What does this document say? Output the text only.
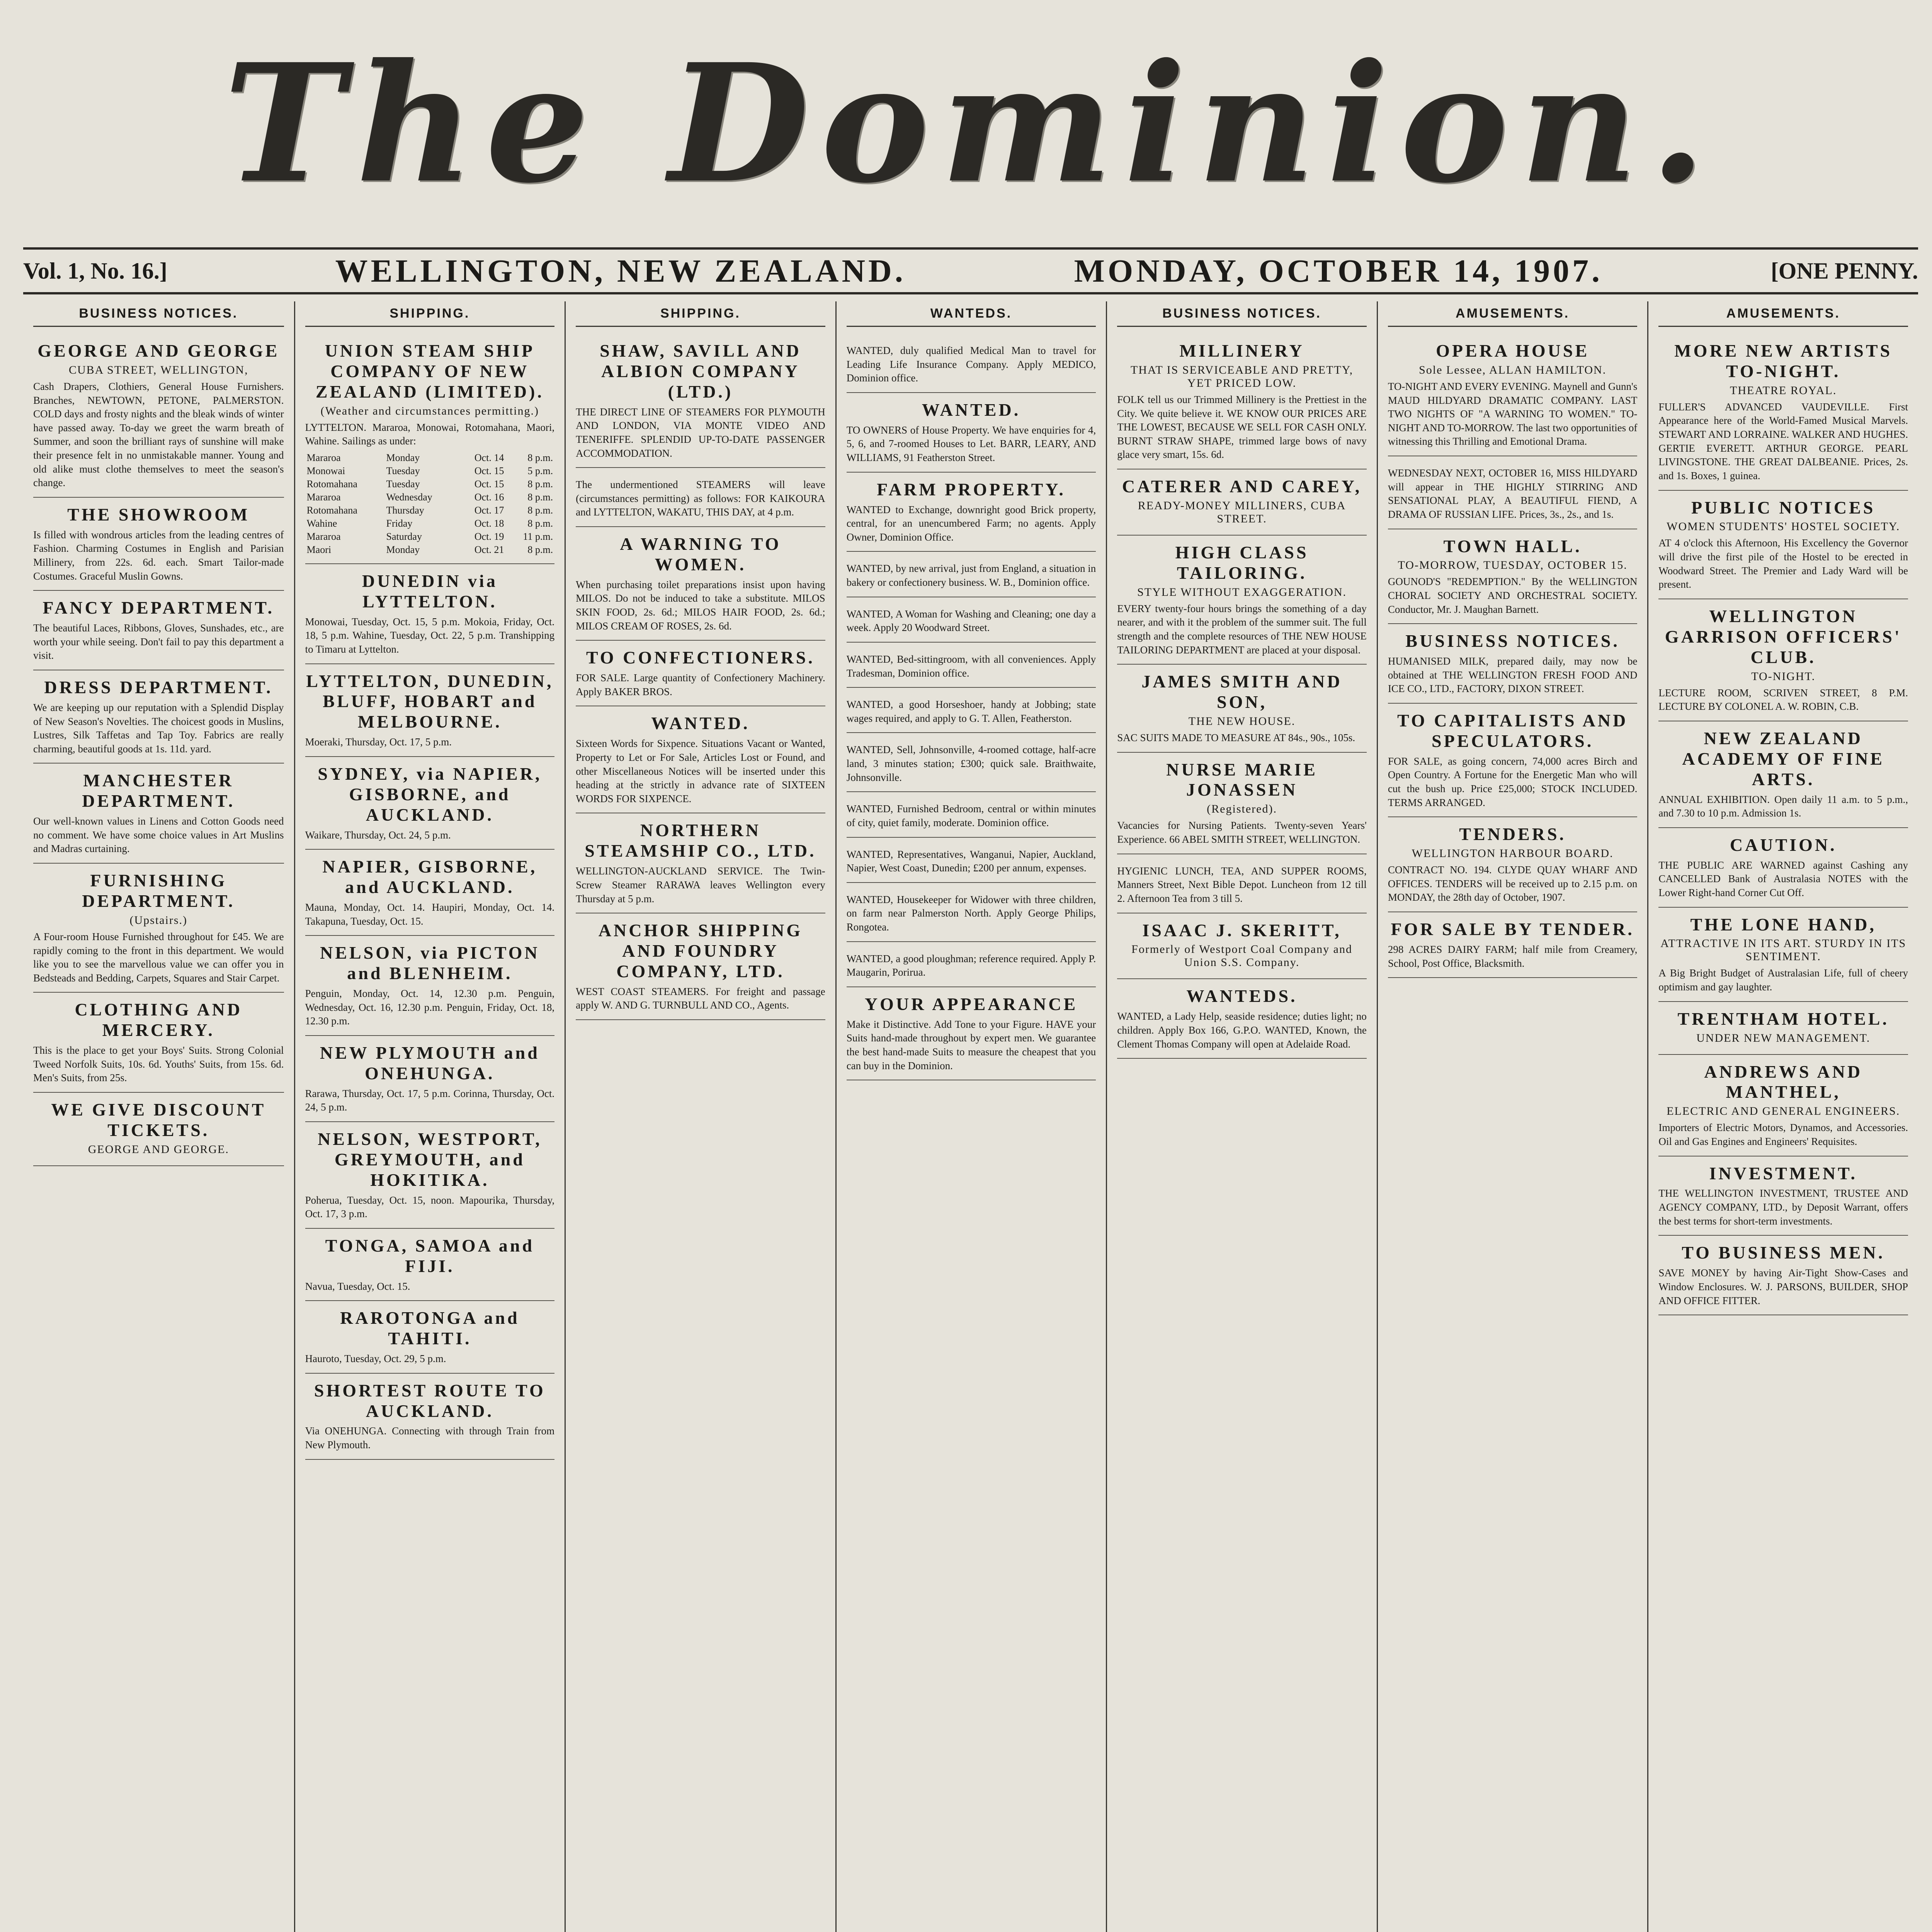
The Dominion.
Vol. 1, No. 16.]	WELLINGTON, NEW ZEALAND.	MONDAY, OCTOBER 14, 1907.	[ONE PENNY.
BUSINESS NOTICES.
GEORGE AND GEORGE
CUBA STREET, WELLINGTON,
Cash Drapers, Clothiers, General House Furnishers. Branches, NEWTOWN, PETONE, PALMERSTON. COLD days and frosty nights and the bleak winds of winter have passed away. To-day we greet the warm breath of Summer, and soon the brilliant rays of sunshine will make their presence felt in no unmistakable manner. Young and old alike must clothe themselves to meet the season's change.
THE SHOWROOM
Is filled with wondrous articles from the leading centres of Fashion. Charming Costumes in English and Parisian Millinery, from 22s. 6d. each. Smart Tailor-made Costumes. Graceful Muslin Gowns.
FANCY DEPARTMENT.
The beautiful Laces, Ribbons, Gloves, Sunshades, etc., are worth your while seeing. Don't fail to pay this department a visit.
DRESS DEPARTMENT.
We are keeping up our reputation with a Splendid Display of New Season's Novelties. The choicest goods in Muslins, Lustres, Silk Taffetas and Tap Toy. Fabrics are really charming, beautiful goods at 1s. 11d. yard.
MANCHESTER DEPARTMENT.
Our well-known values in Linens and Cotton Goods need no comment. We have some choice values in Art Muslins and Madras curtaining.
FURNISHING DEPARTMENT.
(Upstairs.)
A Four-room House Furnished throughout for £45. We are rapidly coming to the front in this department. We would like you to see the marvellous value we can offer you in Bedsteads and Bedding, Carpets, Squares and Stair Carpet.
CLOTHING AND MERCERY.
This is the place to get your Boys' Suits. Strong Colonial Tweed Norfolk Suits, 10s. 6d. Youths' Suits, from 15s. 6d. Men's Suits, from 25s.
WE GIVE DISCOUNT TICKETS.
GEORGE AND GEORGE.
SHIPPING.
UNION STEAM SHIP COMPANY OF NEW ZEALAND (LIMITED).
(Weather and circumstances permitting.)
LYTTELTON. Mararoa, Monowai, Rotomahana, Maori, Wahine. Sailings as under:
Mararoa	Monday	Oct. 14	8 p.m.
Monowai	Tuesday	Oct. 15	5 p.m.
Rotomahana	Tuesday	Oct. 15	8 p.m.
Mararoa	Wednesday	Oct. 16	8 p.m.
Rotomahana	Thursday	Oct. 17	8 p.m.
Wahine	Friday	Oct. 18	8 p.m.
Mararoa	Saturday	Oct. 19	11 p.m.
Maori	Monday	Oct. 21	8 p.m.
DUNEDIN via LYTTELTON.
Monowai, Tuesday, Oct. 15, 5 p.m. Mokoia, Friday, Oct. 18, 5 p.m. Wahine, Tuesday, Oct. 22, 5 p.m. Transhipping to Timaru at Lyttelton.
LYTTELTON, DUNEDIN, BLUFF, HOBART and MELBOURNE.
Moeraki, Thursday, Oct. 17, 5 p.m.
SYDNEY, via NAPIER, GISBORNE, and AUCKLAND.
Waikare, Thursday, Oct. 24, 5 p.m.
NAPIER, GISBORNE, and AUCKLAND.
Mauna, Monday, Oct. 14. Haupiri, Monday, Oct. 14. Takapuna, Tuesday, Oct. 15.
NELSON, via PICTON and BLENHEIM.
Penguin, Monday, Oct. 14, 12.30 p.m. Penguin, Wednesday, Oct. 16, 12.30 p.m. Penguin, Friday, Oct. 18, 12.30 p.m.
NEW PLYMOUTH and ONEHUNGA.
Rarawa, Thursday, Oct. 17, 5 p.m. Corinna, Thursday, Oct. 24, 5 p.m.
NELSON, WESTPORT, GREYMOUTH, and HOKITIKA.
Poherua, Tuesday, Oct. 15, noon. Mapourika, Thursday, Oct. 17, 3 p.m.
TONGA, SAMOA and FIJI.
Navua, Tuesday, Oct. 15.
RAROTONGA and TAHITI.
Hauroto, Tuesday, Oct. 29, 5 p.m.
SHORTEST ROUTE TO AUCKLAND.
Via ONEHUNGA. Connecting with through Train from New Plymouth.
SHIPPING.
SHAW, SAVILL AND ALBION COMPANY (LTD.)
THE DIRECT LINE OF STEAMERS FOR PLYMOUTH AND LONDON, VIA MONTE VIDEO AND TENERIFFE. SPLENDID UP-TO-DATE PASSENGER ACCOMMODATION.
The undermentioned STEAMERS will leave (circumstances permitting) as follows: FOR KAIKOURA and LYTTELTON, WAKATU, THIS DAY, at 4 p.m.
A WARNING TO WOMEN.
When purchasing toilet preparations insist upon having MILOS. Do not be induced to take a substitute. MILOS SKIN FOOD, 2s. 6d.; MILOS HAIR FOOD, 2s. 6d.; MILOS CREAM OF ROSES, 2s. 6d.
TO CONFECTIONERS.
FOR SALE. Large quantity of Confectionery Machinery. Apply BAKER BROS.
WANTED.
Sixteen Words for Sixpence. Situations Vacant or Wanted, Property to Let or For Sale, Articles Lost or Found, and other Miscellaneous Notices will be inserted under this heading at the strictly in advance rate of SIXTEEN WORDS FOR SIXPENCE.
NORTHERN STEAMSHIP CO., LTD.
WELLINGTON-AUCKLAND SERVICE. The Twin-Screw Steamer RARAWA leaves Wellington every Thursday at 5 p.m.
ANCHOR SHIPPING AND FOUNDRY COMPANY, LTD.
WEST COAST STEAMERS. For freight and passage apply W. AND G. TURNBULL AND CO., Agents.
WANTEDS.
WANTED, duly qualified Medical Man to travel for Leading Life Insurance Company. Apply MEDICO, Dominion office.
WANTED.
TO OWNERS of House Property. We have enquiries for 4, 5, 6, and 7-roomed Houses to Let. BARR, LEARY, AND WILLIAMS, 91 Featherston Street.
FARM PROPERTY.
WANTED to Exchange, downright good Brick property, central, for an unencumbered Farm; no agents. Apply Owner, Dominion Office.
WANTED, by new arrival, just from England, a situation in bakery or confectionery business. W. B., Dominion office.
WANTED, A Woman for Washing and Cleaning; one day a week. Apply 20 Woodward Street.
WANTED, Bed-sittingroom, with all conveniences. Apply Tradesman, Dominion office.
WANTED, a good Horseshoer, handy at Jobbing; state wages required, and apply to G. T. Allen, Featherston.
WANTED, Sell, Johnsonville, 4-roomed cottage, half-acre land, 3 minutes station; £300; quick sale. Braithwaite, Johnsonville.
WANTED, Furnished Bedroom, central or within minutes of city, quiet family, moderate. Dominion office.
WANTED, Representatives, Wanganui, Napier, Auckland, Napier, West Coast, Dunedin; £200 per annum, expenses.
WANTED, Housekeeper for Widower with three children, on farm near Palmerston North. Apply George Philips, Rongotea.
WANTED, a good ploughman; reference required. Apply P. Maugarin, Porirua.
YOUR APPEARANCE
Make it Distinctive. Add Tone to your Figure. HAVE your Suits hand-made throughout by expert men. We guarantee the best hand-made Suits to measure the cheapest that you can buy in the Dominion.
BUSINESS NOTICES.
MILLINERY
THAT IS SERVICEABLE AND PRETTY, YET PRICED LOW.
FOLK tell us our Trimmed Millinery is the Prettiest in the City. We quite believe it. WE KNOW OUR PRICES ARE THE LOWEST, BECAUSE WE SELL FOR CASH ONLY. BURNT STRAW SHAPE, trimmed large bows of navy glace very smart, 15s. 6d.
CATERER AND CAREY,
READY-MONEY MILLINERS, CUBA STREET.
HIGH CLASS TAILORING.
STYLE WITHOUT EXAGGERATION.
EVERY twenty-four hours brings the something of a day nearer, and with it the problem of the summer suit. The full strength and the complete resources of THE NEW HOUSE TAILORING DEPARTMENT are placed at your disposal.
JAMES SMITH AND SON,
THE NEW HOUSE.
SAC SUITS MADE TO MEASURE AT 84s., 90s., 105s.
NURSE MARIE JONASSEN
(Registered).
Vacancies for Nursing Patients. Twenty-seven Years' Experience. 66 ABEL SMITH STREET, WELLINGTON.
HYGIENIC LUNCH, TEA, AND SUPPER ROOMS, Manners Street, Next Bible Depot. Luncheon from 12 till 2. Afternoon Tea from 3 till 5.
ISAAC J. SKERITT,
Formerly of Westport Coal Company and Union S.S. Company.
WANTEDS.
WANTED, a Lady Help, seaside residence; duties light; no children. Apply Box 166, G.P.O. WANTED, Known, the Clement Thomas Company will open at Adelaide Road.
AMUSEMENTS.
OPERA HOUSE
Sole Lessee, ALLAN HAMILTON.
TO-NIGHT AND EVERY EVENING. Maynell and Gunn's MAUD HILDYARD DRAMATIC COMPANY. LAST TWO NIGHTS OF "A WARNING TO WOMEN." TO-NIGHT AND TO-MORROW. The last two opportunities of witnessing this Thrilling and Emotional Drama.
WEDNESDAY NEXT, OCTOBER 16, MISS HILDYARD will appear in THE HIGHLY STIRRING AND SENSATIONAL PLAY, A BEAUTIFUL FIEND, A DRAMA OF RUSSIAN LIFE. Prices, 3s., 2s., and 1s.
TOWN HALL.
TO-MORROW, TUESDAY, OCTOBER 15.
GOUNOD'S "REDEMPTION." By the WELLINGTON CHORAL SOCIETY AND ORCHESTRAL SOCIETY. Conductor, Mr. J. Maughan Barnett.
BUSINESS NOTICES.
HUMANISED MILK, prepared daily, may now be obtained at THE WELLINGTON FRESH FOOD AND ICE CO., LTD., FACTORY, DIXON STREET.
TO CAPITALISTS AND SPECULATORS.
FOR SALE, as going concern, 74,000 acres Birch and Open Country. A Fortune for the Energetic Man who will cut the bush up. Price £25,000; STOCK INCLUDED. TERMS ARRANGED.
TENDERS.
WELLINGTON HARBOUR BOARD.
CONTRACT NO. 194. CLYDE QUAY WHARF AND OFFICES. TENDERS will be received up to 2.15 p.m. on MONDAY, the 28th day of October, 1907.
FOR SALE BY TENDER.
298 ACRES DAIRY FARM; half mile from Creamery, School, Post Office, Blacksmith.
AMUSEMENTS.
MORE NEW ARTISTS TO-NIGHT.
THEATRE ROYAL.
FULLER'S ADVANCED VAUDEVILLE. First Appearance here of the World-Famed Musical Marvels. STEWART AND LORRAINE. WALKER AND HUGHES. GERTIE EVERETT. ARTHUR GEORGE. PEARL LIVINGSTONE. THE GREAT DALBEANIE. Prices, 2s. and 1s. Boxes, 1 guinea.
PUBLIC NOTICES
WOMEN STUDENTS' HOSTEL SOCIETY.
AT 4 o'clock this Afternoon, His Excellency the Governor will drive the first pile of the Hostel to be erected in Woodward Street. The Premier and Lady Ward will be present.
WELLINGTON GARRISON OFFICERS' CLUB.
TO-NIGHT.
LECTURE ROOM, SCRIVEN STREET, 8 P.M. LECTURE BY COLONEL A. W. ROBIN, C.B.
NEW ZEALAND ACADEMY OF FINE ARTS.
ANNUAL EXHIBITION. Open daily 11 a.m. to 5 p.m., and 7.30 to 10 p.m. Admission 1s.
CAUTION.
THE PUBLIC ARE WARNED against Cashing any CANCELLED Bank of Australasia NOTES with the Lower Right-hand Corner Cut Off.
THE LONE HAND,
ATTRACTIVE IN ITS ART. STURDY IN ITS SENTIMENT.
A Big Bright Budget of Australasian Life, full of cheery optimism and gay laughter.
TRENTHAM HOTEL.
UNDER NEW MANAGEMENT.
ANDREWS AND MANTHEL,
ELECTRIC AND GENERAL ENGINEERS.
Importers of Electric Motors, Dynamos, and Accessories. Oil and Gas Engines and Engineers' Requisites.
INVESTMENT.
THE WELLINGTON INVESTMENT, TRUSTEE AND AGENCY COMPANY, LTD., by Deposit Warrant, offers the best terms for short-term investments.
TO BUSINESS MEN.
SAVE MONEY by having Air-Tight Show-Cases and Window Enclosures. W. J. PARSONS, BUILDER, SHOP AND OFFICE FITTER.
